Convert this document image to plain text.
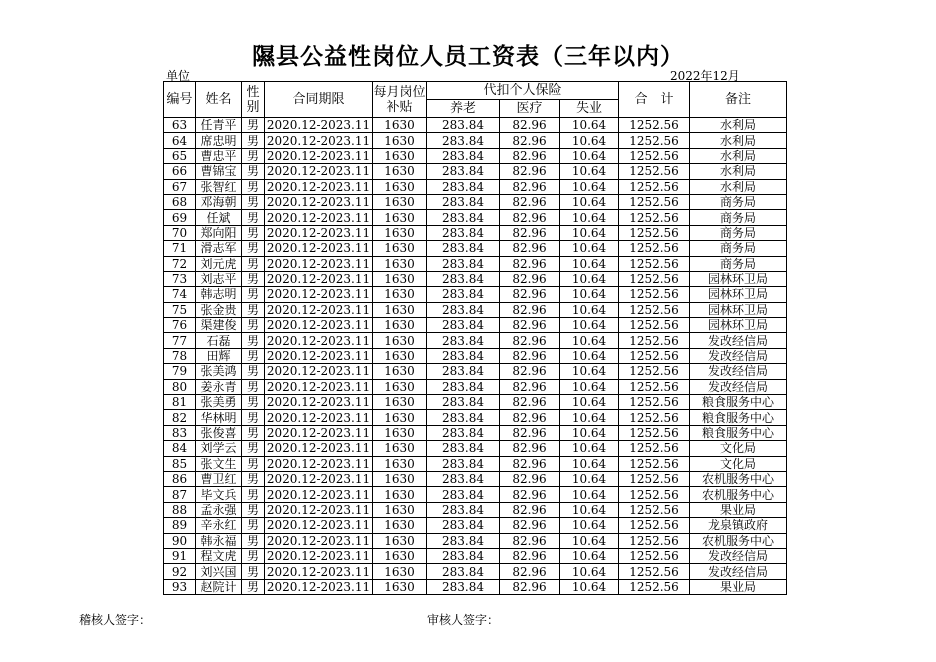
隰县公益性岗位人员工资表（三年以内）
单位	2022年12月
编号	姓名	性别	合同期限	每月岗位补贴	代扣个人保险			合　计	备注
					养老	医疗	失业		
63	任青平	男	2020.12-2023.11	1630	283.84	82.96	10.64	1252.56	水利局
64	席忠明	男	2020.12-2023.11	1630	283.84	82.96	10.64	1252.56	水利局
65	曹忠平	男	2020.12-2023.11	1630	283.84	82.96	10.64	1252.56	水利局
66	曹锦宝	男	2020.12-2023.11	1630	283.84	82.96	10.64	1252.56	水利局
67	张智红	男	2020.12-2023.11	1630	283.84	82.96	10.64	1252.56	水利局
68	邓海朝	男	2020.12-2023.11	1630	283.84	82.96	10.64	1252.56	商务局
69	任斌	男	2020.12-2023.11	1630	283.84	82.96	10.64	1252.56	商务局
70	郑向阳	男	2020.12-2023.11	1630	283.84	82.96	10.64	1252.56	商务局
71	滑志军	男	2020.12-2023.11	1630	283.84	82.96	10.64	1252.56	商务局
72	刘元虎	男	2020.12-2023.11	1630	283.84	82.96	10.64	1252.56	商务局
73	刘志平	男	2020.12-2023.11	1630	283.84	82.96	10.64	1252.56	园林环卫局
74	韩志明	男	2020.12-2023.11	1630	283.84	82.96	10.64	1252.56	园林环卫局
75	张金贵	男	2020.12-2023.11	1630	283.84	82.96	10.64	1252.56	园林环卫局
76	渠建俊	男	2020.12-2023.11	1630	283.84	82.96	10.64	1252.56	园林环卫局
77	石磊	男	2020.12-2023.11	1630	283.84	82.96	10.64	1252.56	发改经信局
78	田辉	男	2020.12-2023.11	1630	283.84	82.96	10.64	1252.56	发改经信局
79	张美鸿	男	2020.12-2023.11	1630	283.84	82.96	10.64	1252.56	发改经信局
80	姜永青	男	2020.12-2023.11	1630	283.84	82.96	10.64	1252.56	发改经信局
81	张美勇	男	2020.12-2023.11	1630	283.84	82.96	10.64	1252.56	粮食服务中心
82	华林明	男	2020.12-2023.11	1630	283.84	82.96	10.64	1252.56	粮食服务中心
83	张俊喜	男	2020.12-2023.11	1630	283.84	82.96	10.64	1252.56	粮食服务中心
84	刘学云	男	2020.12-2023.11	1630	283.84	82.96	10.64	1252.56	文化局
85	张文生	男	2020.12-2023.11	1630	283.84	82.96	10.64	1252.56	文化局
86	曹卫红	男	2020.12-2023.11	1630	283.84	82.96	10.64	1252.56	农机服务中心
87	毕文兵	男	2020.12-2023.11	1630	283.84	82.96	10.64	1252.56	农机服务中心
88	孟永强	男	2020.12-2023.11	1630	283.84	82.96	10.64	1252.56	果业局
89	辛永红	男	2020.12-2023.11	1630	283.84	82.96	10.64	1252.56	龙泉镇政府
90	韩永福	男	2020.12-2023.11	1630	283.84	82.96	10.64	1252.56	农机服务中心
91	程文虎	男	2020.12-2023.11	1630	283.84	82.96	10.64	1252.56	发改经信局
92	刘兴国	男	2020.12-2023.11	1630	283.84	82.96	10.64	1252.56	发改经信局
93	赵院计	男	2020.12-2023.11	1630	283.84	82.96	10.64	1252.56	果业局
稽核人签字：	审核人签字：
